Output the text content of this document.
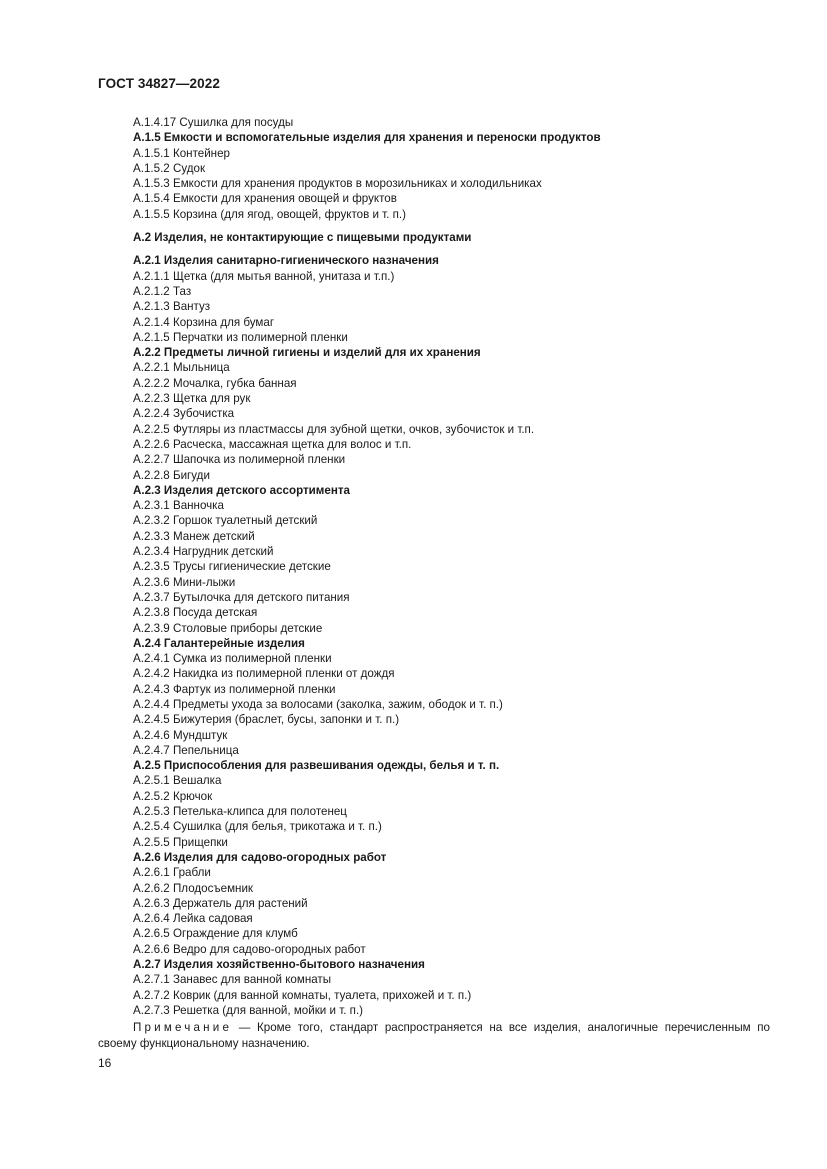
ГОСТ 34827—2022
А.1.4.17 Сушилка для посуды
А.1.5 Емкости и вспомогательные изделия для хранения и переноски продуктов
А.1.5.1 Контейнер
А.1.5.2 Судок
А.1.5.3 Емкости для хранения продуктов в морозильниках и холодильниках
А.1.5.4 Емкости для хранения овощей и фруктов
А.1.5.5 Корзина (для ягод, овощей, фруктов и т. п.)
А.2 Изделия, не контактирующие с пищевыми продуктами
А.2.1 Изделия санитарно-гигиенического назначения
А.2.1.1 Щетка (для мытья ванной, унитаза и т.п.)
А.2.1.2 Таз
А.2.1.3 Вантуз
А.2.1.4 Корзина для бумаг
А.2.1.5 Перчатки из полимерной пленки
А.2.2 Предметы личной гигиены и изделий для их хранения
А.2.2.1 Мыльница
А.2.2.2 Мочалка, губка банная
А.2.2.3 Щетка для рук
А.2.2.4 Зубочистка
А.2.2.5 Футляры из пластмассы для зубной щетки, очков, зубочисток и т.п.
А.2.2.6 Расческа, массажная щетка для волос и т.п.
А.2.2.7 Шапочка из полимерной пленки
А.2.2.8 Бигуди
А.2.3 Изделия детского ассортимента
А.2.3.1 Ванночка
А.2.3.2 Горшок туалетный детский
А.2.3.3 Манеж детский
А.2.3.4 Нагрудник детский
А.2.3.5 Трусы гигиенические детские
А.2.3.6 Мини-лыжи
А.2.3.7 Бутылочка для детского питания
А.2.3.8 Посуда детская
А.2.3.9 Столовые приборы детские
А.2.4 Галантерейные изделия
А.2.4.1 Сумка из полимерной пленки
А.2.4.2 Накидка из полимерной пленки от дождя
А.2.4.3 Фартук из полимерной пленки
А.2.4.4 Предметы ухода за волосами (заколка, зажим, ободок и т. п.)
А.2.4.5 Бижутерия (браслет, бусы, запонки и т. п.)
А.2.4.6 Мундштук
А.2.4.7 Пепельница
А.2.5 Приспособления для развешивания одежды, белья и т. п.
А.2.5.1 Вешалка
А.2.5.2 Крючок
А.2.5.3 Петелька-клипса для полотенец
А.2.5.4 Сушилка (для белья, трикотажа и т. п.)
А.2.5.5 Прищепки
А.2.6 Изделия для садово-огородных работ
А.2.6.1 Грабли
А.2.6.2 Плодосъемник
А.2.6.3 Держатель для растений
А.2.6.4 Лейка садовая
А.2.6.5 Ограждение для клумб
А.2.6.6 Ведро для садово-огородных работ
А.2.7 Изделия хозяйственно-бытового назначения
А.2.7.1 Занавес для ванной комнаты
А.2.7.2 Коврик (для ванной комнаты, туалета, прихожей и т. п.)
А.2.7.3 Решетка (для ванной, мойки и т. п.)
Примечание — Кроме того, стандарт распространяется на все изделия, аналогичные перечисленным по своему функциональному назначению.
16
